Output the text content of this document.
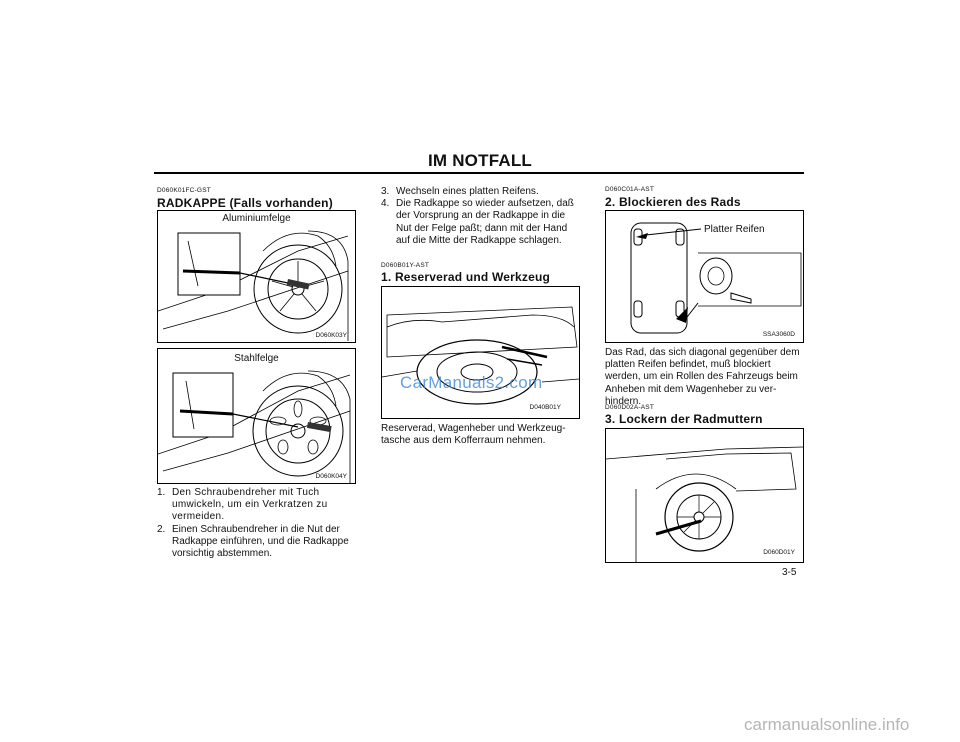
IM NOTFALL
D060K01FC-GST
RADKAPPE (Falls vorhanden)
Aluminiumfelge
D060K03Y
Stahlfelge
D060K04Y
1. Den Schraubendreher mit Tuch umwickeln, um ein Verkratzen zu vermeiden.
2. Einen Schraubendreher in die Nut der Radkappe einführen, und die Radkappe vorsichtig abstemmen.
3. Wechseln eines platten Reifens.
4. Die Radkappe so wieder aufsetzen, daß der Vorsprung an der Radkappe in die Nut der Felge paßt; dann mit der Hand auf die Mitte der Radkappe schlagen.
D060B01Y-AST
1. Reserverad und Werkzeug
CarManuals2.com
D040B01Y
Reserverad, Wagenheber und Werkzeug-tasche aus dem Kofferraum nehmen.
D060C01A-AST
2. Blockieren des Rads
Platter Reifen
SSA3060D
Das Rad, das sich diagonal gegenüber dem platten Reifen befindet, muß blockiert werden, um ein Rollen des Fahrzeugs beim Anheben mit dem Wagenheber zu ver-hindern.
D060D02A-AST
3. Lockern der Radmuttern
D060D01Y
3-5
carmanualsonline.info
